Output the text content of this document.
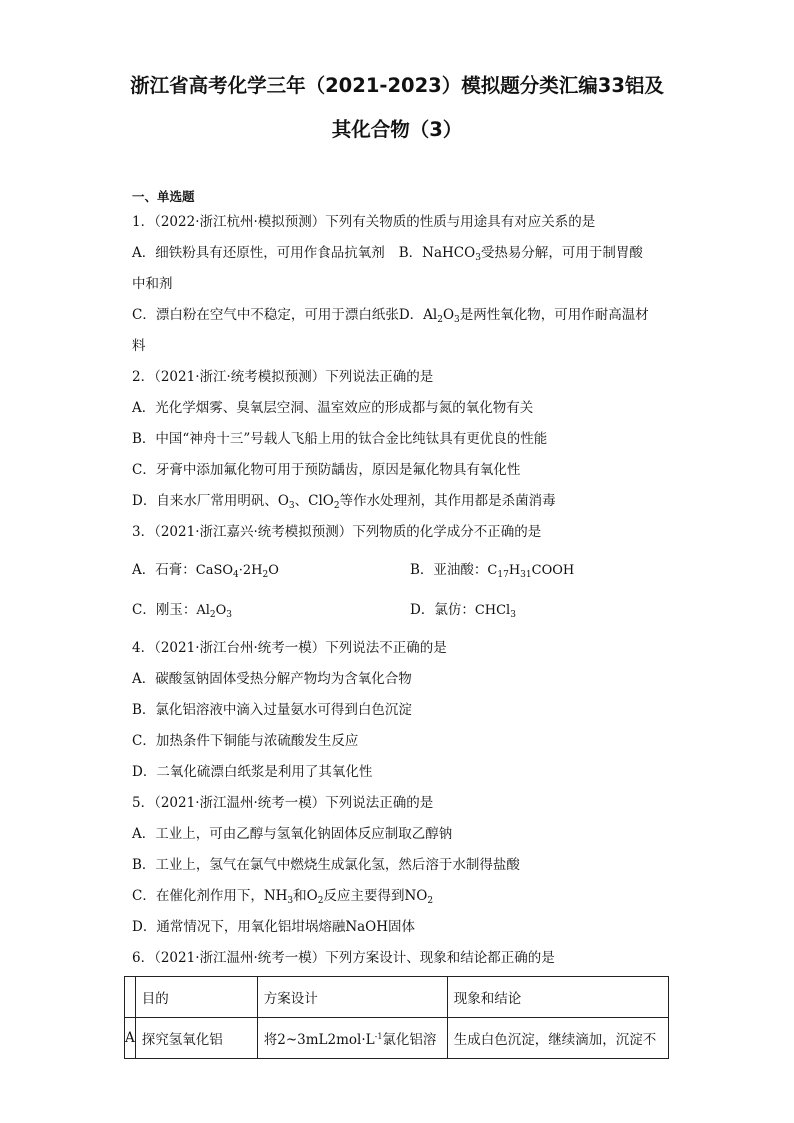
浙江省高考化学三年（2021-2023）模拟题分类汇编33铝及
其化合物（3）
一、单选题
1．（2022·浙江杭州·模拟预测）下列有关物质的性质与用途具有对应关系的是
A．细铁粉具有还原性，可用作食品抗氧剂 B．NaHCO$_3$受热易分解，可用于制胃酸
中和剂
C．漂白粉在空气中不稳定，可用于漂白纸张D．$Al_2O_3$是两性氧化物，可用作耐高温材
料
2．（2021·浙江·统考模拟预测）下列说法正确的是
A．光化学烟雾、臭氧层空洞、温室效应的形成都与氮的氧化物有关
B．中国“神舟十三”号载人飞船上用的钛合金比纯钛具有更优良的性能
C．牙膏中添加氟化物可用于预防龋齿，原因是氟化物具有氧化性
D．自来水厂常用明矾、$O_3$、ClO$_2$等作水处理剂，其作用都是杀菌消毒
3．（2021·浙江嘉兴·统考模拟预测）下列物质的化学成分不正确的是
A．石膏：$CaSO_4\cdot 2H_2O$	B．亚油酸：$C_{17}H_{31}COOH$
C．刚玉：$Al_2O_3$	D．氯仿：CHCl$_3$
4．（2021·浙江台州·统考一模）下列说法不正确的是
A．碳酸氢钠固体受热分解产物均为含氧化合物
B．氯化铝溶液中滴入过量氨水可得到白色沉淀
C．加热条件下铜能与浓硫酸发生反应
D．二氧化硫漂白纸浆是利用了其氧化性
5．（2021·浙江温州·统考一模）下列说法正确的是
A．工业上，可由乙醇与氢氧化钠固体反应制取乙醇钠
B．工业上，氢气在氯气中燃烧生成氯化氢，然后溶于水制得盐酸
C．在催化剂作用下，$NH_3$和$O_2$反应主要得到$NO_2$
D．通常情况下，用氧化铝坩埚熔融NaOH固体
6．（2021·浙江温州·统考一模）下列方案设计、现象和结论都正确的是
	目的	方案设计	现象和结论
A	探究氢氧化铝	将$2\sim 3mL2mol\cdot L^{-1}$氯化铝溶	生成白色沉淀，继续滴加，沉淀不
